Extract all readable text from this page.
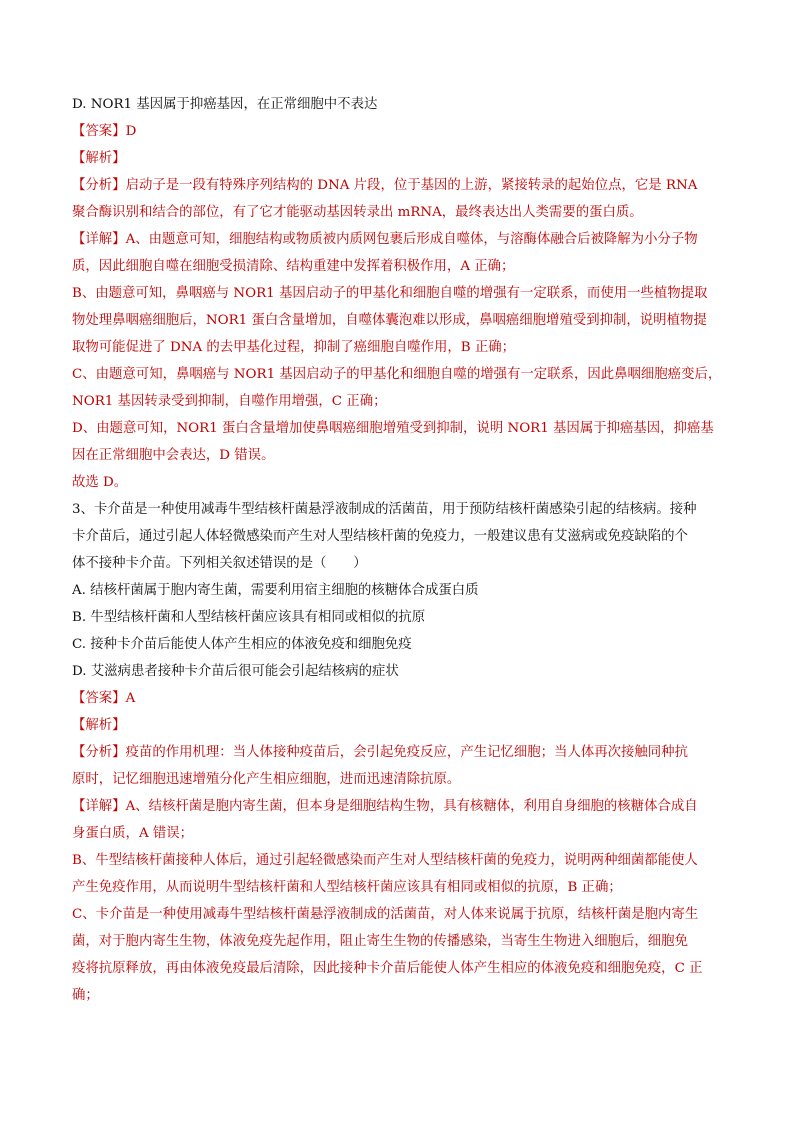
D. NOR1 基因属于抑癌基因，在正常细胞中不表达
【答案】D
【解析】
【分析】启动子是一段有特殊序列结构的 DNA 片段，位于基因的上游，紧接转录的起始位点，它是 RNA
聚合酶识别和结合的部位，有了它才能驱动基因转录出 mRNA，最终表达出人类需要的蛋白质。
【详解】A、由题意可知，细胞结构或物质被内质网包裹后形成自噬体，与溶酶体融合后被降解为小分子物
质，因此细胞自噬在细胞受损清除、结构重建中发挥着积极作用，A 正确；
B、由题意可知，鼻咽癌与 NOR1 基因启动子的甲基化和细胞自噬的增强有一定联系，而使用一些植物提取
物处理鼻咽癌细胞后，NOR1 蛋白含量增加，自噬体囊泡难以形成，鼻咽癌细胞增殖受到抑制，说明植物提
取物可能促进了 DNA 的去甲基化过程，抑制了癌细胞自噬作用，B 正确；
C、由题意可知，鼻咽癌与 NOR1 基因启动子的甲基化和细胞自噬的增强有一定联系，因此鼻咽细胞癌变后，
NOR1 基因转录受到抑制，自噬作用增强，C 正确；
D、由题意可知，NOR1 蛋白含量增加使鼻咽癌细胞增殖受到抑制，说明 NOR1 基因属于抑癌基因，抑癌基
因在正常细胞中会表达，D 错误。
故选 D。
3、卡介苗是一种使用减毒牛型结核杆菌悬浮液制成的活菌苗，用于预防结核杆菌感染引起的结核病。接种
卡介苗后，通过引起人体轻微感染而产生对人型结核杆菌的免疫力，一般建议患有艾滋病或免疫缺陷的个
体不接种卡介苗。下列相关叙述错误的是（　　）
A. 结核杆菌属于胞内寄生菌，需要利用宿主细胞的核糖体合成蛋白质
B. 牛型结核杆菌和人型结核杆菌应该具有相同或相似的抗原
C. 接种卡介苗后能使人体产生相应的体液免疫和细胞免疫
D. 艾滋病患者接种卡介苗后很可能会引起结核病的症状
【答案】A
【解析】
【分析】疫苗的作用机理：当人体接种疫苗后，会引起免疫反应，产生记忆细胞；当人体再次接触同种抗
原时，记忆细胞迅速增殖分化产生相应细胞，进而迅速清除抗原。
【详解】A、结核杆菌是胞内寄生菌，但本身是细胞结构生物，具有核糖体，利用自身细胞的核糖体合成自
身蛋白质，A 错误；
B、牛型结核杆菌接种人体后，通过引起轻微感染而产生对人型结核杆菌的免疫力，说明两种细菌都能使人
产生免疫作用，从而说明牛型结核杆菌和人型结核杆菌应该具有相同或相似的抗原，B 正确；
C、卡介苗是一种使用减毒牛型结核杆菌悬浮液制成的活菌苗，对人体来说属于抗原，结核杆菌是胞内寄生
菌，对于胞内寄生生物，体液免疫先起作用，阻止寄生生物的传播感染，当寄生生物进入细胞后，细胞免
疫将抗原释放，再由体液免疫最后清除，因此接种卡介苗后能使人体产生相应的体液免疫和细胞免疫，C 正
确；
